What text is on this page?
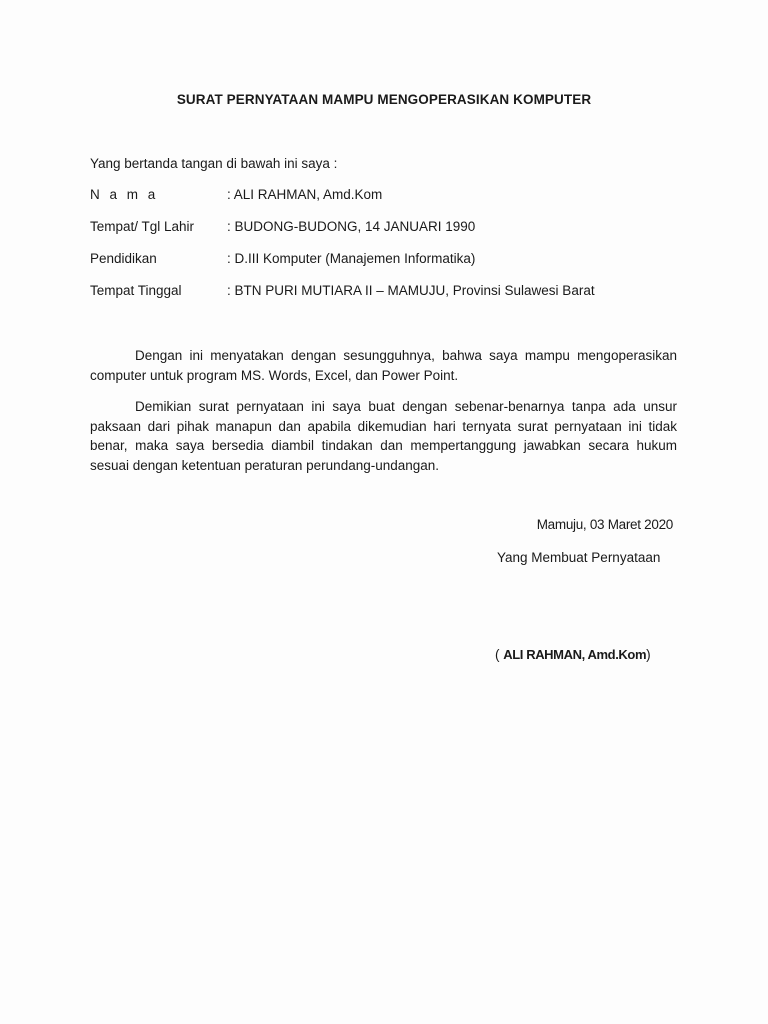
SURAT PERNYATAAN MAMPU MENGOPERASIKAN KOMPUTER
Yang bertanda tangan di bawah ini saya :
N a m a	: ALI RAHMAN, Amd.Kom
Tempat/ Tgl Lahir : BUDONG-BUDONG, 14 JANUARI 1990
Pendidikan	: D.III Komputer (Manajemen Informatika)
Tempat Tinggal	: BTN PURI MUTIARA II – MAMUJU, Provinsi Sulawesi Barat

Dengan ini menyatakan dengan sesungguhnya, bahwa saya mampu mengoperasikan computer untuk program MS. Words, Excel, dan Power Point.

Demikian surat pernyataan ini saya buat dengan sebenar-benarnya tanpa ada unsur paksaan dari pihak manapun dan apabila dikemudian hari ternyata surat pernyataan ini tidak benar, maka saya bersedia diambil tindakan dan mempertanggung jawabkan secara hukum sesuai dengan ketentuan peraturan perundang-undangan.

Mamuju, 03 Maret 2020
Yang Membuat Pernyataan
( ALI RAHMAN, Amd.Kom)
